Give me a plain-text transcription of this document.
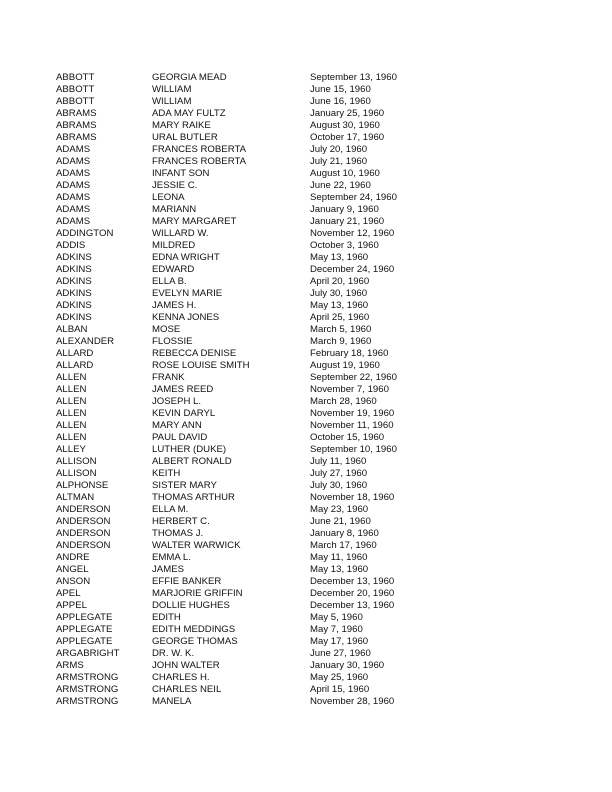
ABBOTT	GEORGIA MEAD	September 13, 1960
ABBOTT	WILLIAM	June 15, 1960
ABBOTT	WILLIAM	June 16, 1960
ABRAMS	ADA MAY FULTZ	January 25, 1960
ABRAMS	MARY RAIKE	August 30, 1960
ABRAMS	URAL BUTLER	October 17, 1960
ADAMS	FRANCES ROBERTA	July 20, 1960
ADAMS	FRANCES ROBERTA	July 21, 1960
ADAMS	INFANT SON	August 10, 1960
ADAMS	JESSIE C.	June 22, 1960
ADAMS	LEONA	September 24, 1960
ADAMS	MARIANN	January 9, 1960
ADAMS	MARY MARGARET	January 21, 1960
ADDINGTON	WILLARD W.	November 12, 1960
ADDIS	MILDRED	October 3, 1960
ADKINS	EDNA WRIGHT	May 13, 1960
ADKINS	EDWARD	December 24, 1960
ADKINS	ELLA B.	April 20, 1960
ADKINS	EVELYN MARIE	July 30, 1960
ADKINS	JAMES H.	May 13, 1960
ADKINS	KENNA JONES	April 25, 1960
ALBAN	MOSE	March 5, 1960
ALEXANDER	FLOSSIE	March 9, 1960
ALLARD	REBECCA DENISE	February 18, 1960
ALLARD	ROSE LOUISE SMITH	August 19, 1960
ALLEN	FRANK	September 22, 1960
ALLEN	JAMES REED	November 7, 1960
ALLEN	JOSEPH L.	March 28, 1960
ALLEN	KEVIN DARYL	November 19, 1960
ALLEN	MARY ANN	November 11, 1960
ALLEN	PAUL DAVID	October 15, 1960
ALLEY	LUTHER (DUKE)	September 10, 1960
ALLISON	ALBERT RONALD	July 11, 1960
ALLISON	KEITH	July 27, 1960
ALPHONSE	SISTER MARY	July 30, 1960
ALTMAN	THOMAS ARTHUR	November 18, 1960
ANDERSON	ELLA M.	May 23, 1960
ANDERSON	HERBERT C.	June 21, 1960
ANDERSON	THOMAS J.	January 8, 1960
ANDERSON	WALTER WARWICK	March 17, 1960
ANDRE	EMMA L.	May 11, 1960
ANGEL	JAMES	May 13, 1960
ANSON	EFFIE BANKER	December 13, 1960
APEL	MARJORIE GRIFFIN	December 20, 1960
APPEL	DOLLIE HUGHES	December 13, 1960
APPLEGATE	EDITH	May 5, 1960
APPLEGATE	EDITH MEDDINGS	May 7, 1960
APPLEGATE	GEORGE THOMAS	May 17, 1960
ARGABRIGHT	DR. W. K.	June 27, 1960
ARMS	JOHN WALTER	January 30, 1960
ARMSTRONG	CHARLES H.	May 25, 1960
ARMSTRONG	CHARLES NEIL	April 15, 1960
ARMSTRONG	MANELA	November 28, 1960
